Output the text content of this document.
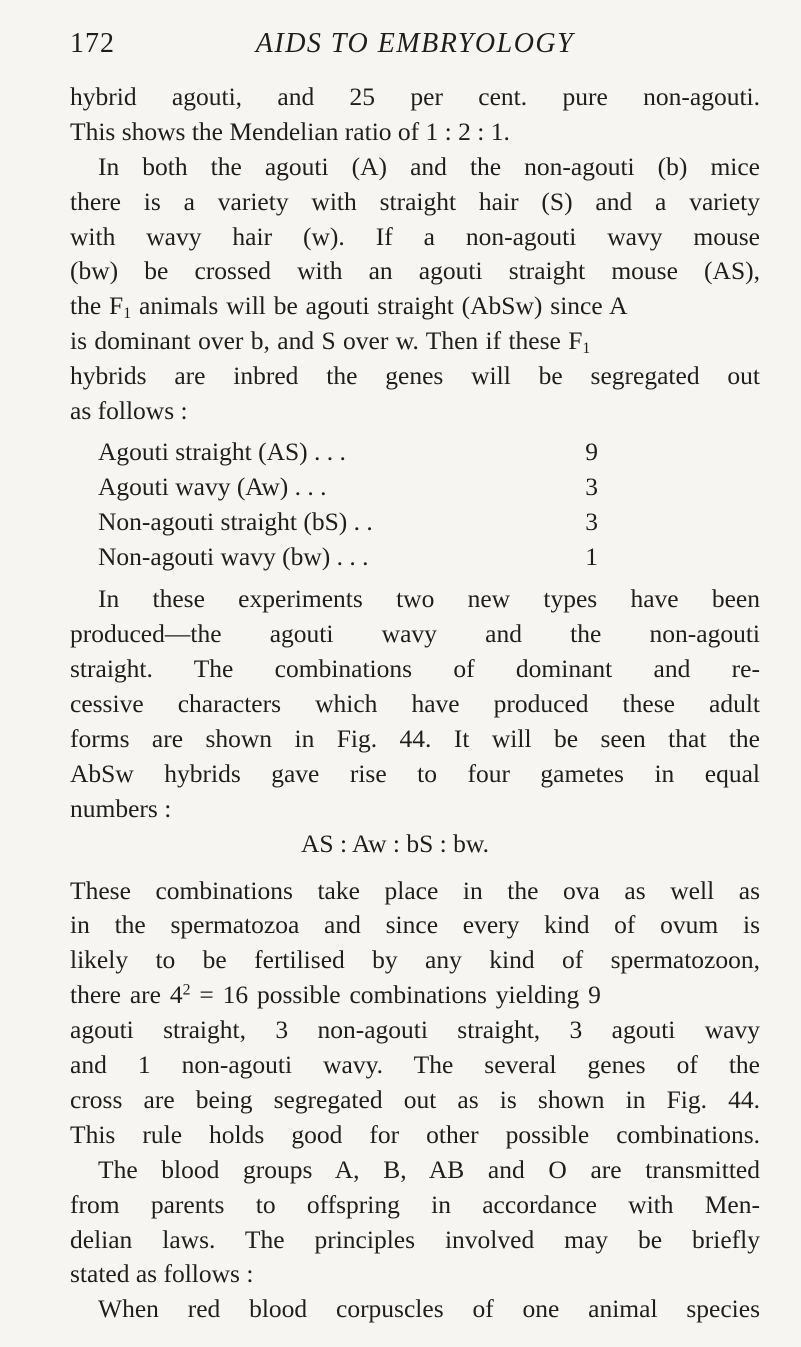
172	AIDS TO EMBRYOLOGY
hybrid agouti, and 25 per cent. pure non-agouti.
This shows the Mendelian ratio of 1 : 2 : 1.
In both the agouti (A) and the non-agouti (b) mice
there is a variety with straight hair (S) and a variety
with wavy hair (w). If a non-agouti wavy mouse
(bw) be crossed with an agouti straight mouse (AS),
the $F_1$ animals will be agouti straight (AbSw) since A
is dominant over b, and S over w. Then if these $F_1$
hybrids are inbred the genes will be segregated out
as follows :
Agouti straight (AS) . . .	9
Agouti wavy (Aw) . . .	3
Non-agouti straight (bS) . .	3
Non-agouti wavy (bw) . . .	1
In these experiments two new types have been
produced—the agouti wavy and the non-agouti
straight. The combinations of dominant and re-
cessive characters which have produced these adult
forms are shown in Fig. 44. It will be seen that the
AbSw hybrids gave rise to four gametes in equal
numbers :
AS : Aw : bS : bw.
These combinations take place in the ova as well as
in the spermatozoa and since every kind of ovum is
likely to be fertilised by any kind of spermatozoon,
there are $4^2 = 16$ possible combinations yielding 9
agouti straight, 3 non-agouti straight, 3 agouti wavy
and 1 non-agouti wavy. The several genes of the
cross are being segregated out as is shown in Fig. 44.
This rule holds good for other possible combinations.
The blood groups A, B, AB and O are transmitted
from parents to offspring in accordance with Men-
delian laws. The principles involved may be briefly
stated as follows :
When red blood corpuscles of one animal species
